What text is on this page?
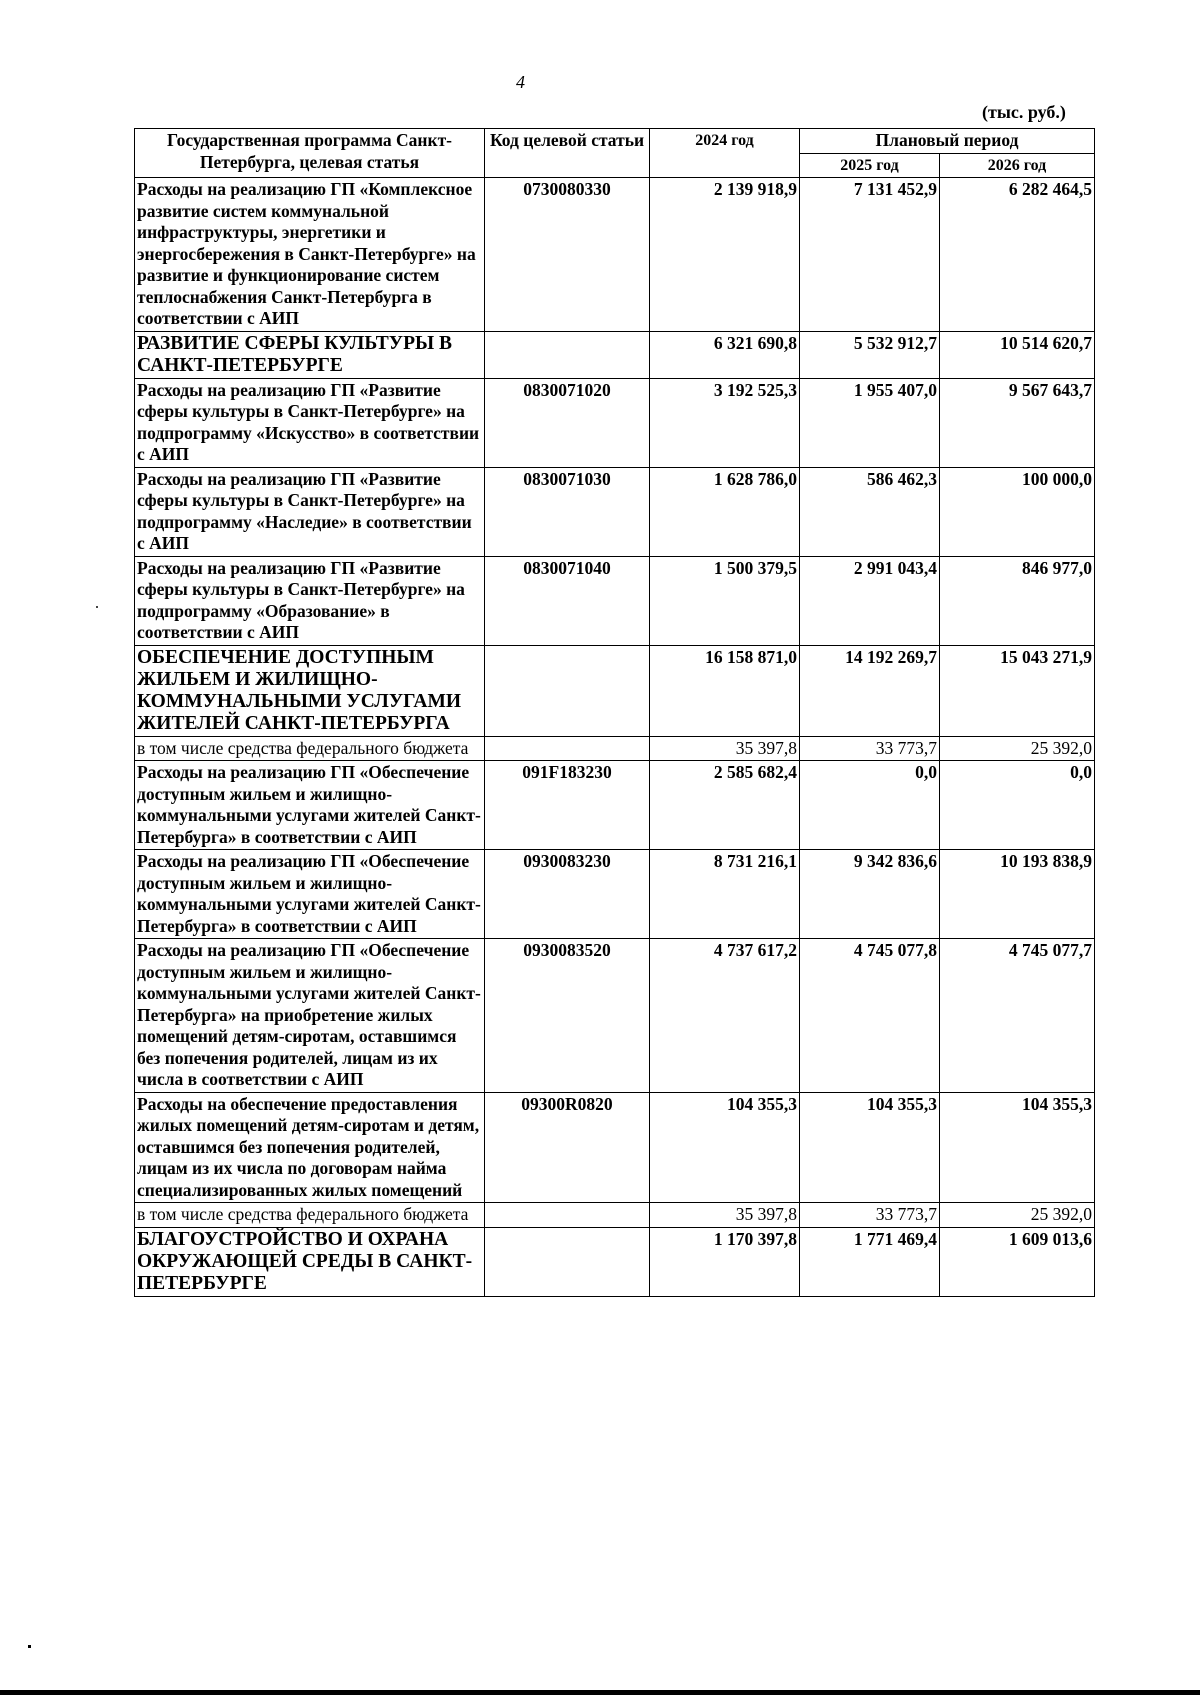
4
(тыс. руб.)
Государственная программа Санкт-Петербурга, целевая статья	Код целевой статьи	2024 год	Плановый период	
			2025 год	2026 год
Расходы на реализацию ГП «Комплексное развитие систем коммунальной инфраструктуры, энергетики и энергосбережения в Санкт-Петербурге» на развитие и функционирование систем теплоснабжения Санкт-Петербурга в соответствии с АИП	0730080330	2 139 918,9	7 131 452,9	6 282 464,5
РАЗВИТИЕ СФЕРЫ КУЛЬТУРЫ В САНКТ-ПЕТЕРБУРГЕ		6 321 690,8	5 532 912,7	10 514 620,7
Расходы на реализацию ГП «Развитие сферы культуры в Санкт-Петербурге» на подпрограмму «Искусство» в соответствии с АИП	0830071020	3 192 525,3	1 955 407,0	9 567 643,7
Расходы на реализацию ГП «Развитие сферы культуры в Санкт-Петербурге» на подпрограмму «Наследие» в соответствии с АИП	0830071030	1 628 786,0	586 462,3	100 000,0
Расходы на реализацию ГП «Развитие сферы культуры в Санкт-Петербурге» на подпрограмму «Образование» в соответствии с АИП	0830071040	1 500 379,5	2 991 043,4	846 977,0
ОБЕСПЕЧЕНИЕ ДОСТУПНЫМ ЖИЛЬЕМ И ЖИЛИЩНО-КОММУНАЛЬНЫМИ УСЛУГАМИ ЖИТЕЛЕЙ САНКТ-ПЕТЕРБУРГА		16 158 871,0	14 192 269,7	15 043 271,9
в том числе средства федерального бюджета		35 397,8	33 773,7	25 392,0
Расходы на реализацию ГП «Обеспечение доступным жильем и жилищно-коммунальными услугами жителей Санкт-Петербурга» в соответствии с АИП	091F183230	2 585 682,4	0,0	0,0
Расходы на реализацию ГП «Обеспечение доступным жильем и жилищно-коммунальными услугами жителей Санкт-Петербурга» в соответствии с АИП	0930083230	8 731 216,1	9 342 836,6	10 193 838,9
Расходы на реализацию ГП «Обеспечение доступным жильем и жилищно-коммунальными услугами жителей Санкт-Петербурга» на приобретение жилых помещений детям-сиротам, оставшимся без попечения родителей, лицам из их числа в соответствии с АИП	0930083520	4 737 617,2	4 745 077,8	4 745 077,7
Расходы на обеспечение предоставления жилых помещений детям-сиротам и детям, оставшимся без попечения родителей, лицам из их числа по договорам найма специализированных жилых помещений	09300R0820	104 355,3	104 355,3	104 355,3
в том числе средства федерального бюджета		35 397,8	33 773,7	25 392,0
БЛАГОУСТРОЙСТВО И ОХРАНА ОКРУЖАЮЩЕЙ СРЕДЫ В САНКТ-ПЕТЕРБУРГЕ		1 170 397,8	1 771 469,4	1 609 013,6
